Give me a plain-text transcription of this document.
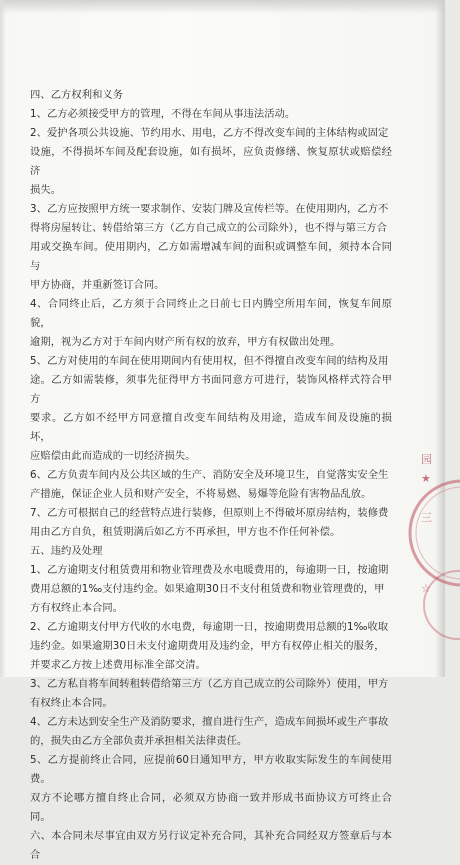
四、乙方权利和义务

1、乙方必须接受甲方的管理，不得在车间从事违法活动。

2、爱护各项公共设施、节约用水、用电，乙方不得改变车间的主体结构或固定

设施，不得损坏车间及配套设施，如有损坏，应负责修缮、恢复原状或赔偿经济

损失。

3、乙方应按照甲方统一要求制作、安装门牌及宣传栏等。在使用期内，乙方不

得将房屋转让、转借给第三方（乙方自己成立的公司除外），也不得与第三方合

用或交换车间。使用期内，乙方如需增减车间的面积或调整车间，须持本合同与

甲方协商，并重新签订合同。

4、合同终止后，乙方须于合同终止之日前七日内腾空所用车间，恢复车间原貌，

逾期，视为乙方对于车间内财产所有权的放弃，甲方有权做出处理。

5、乙方对使用的车间在使用期间内有使用权，但不得擅自改变车间的结构及用

途。乙方如需装修，须事先征得甲方书面同意方可进行，装饰风格样式符合甲方

要求。乙方如不经甲方同意擅自改变车间结构及用途，造成车间及设施的损坏，

应赔偿由此而造成的一切经济损失。

6、乙方负责车间内及公共区域的生产、消防安全及环境卫生，自觉落实安全生

产措施，保证企业人员和财产安全，不将易燃、易爆等危险有害物品乱放。

7、乙方可根据自己的经营特点进行装修，但原则上不得破坏原房结构，装修费

用由乙方自负，租赁期满后如乙方不再承担，甲方也不作任何补偿。

五、违约及处理

1、乙方逾期支付租赁费用和物业管理费及水电暖费用的，每逾期一日，按逾期

费用总额的1‰支付违约金。如果逾期30日不支付租赁费和物业管理费的，甲

方有权终止本合同。

2、乙方逾期支付甲方代收的水电费，每逾期一日，按逾期费用总额的1‰收取

违约金。如果逾期30日未支付逾期费用及违约金，甲方有权停止相关的服务，

并要求乙方按上述费用标准全部交清。

3、乙方私自将车间转租转借给第三方（乙方自己成立的公司除外）使用，甲方

有权终止本合同。

4、乙方未达到安全生产及消防要求，擅自进行生产，造成车间损坏或生产事故

的，损失由乙方全部负责并承担相关法律责任。

5、乙方提前终止合同，应提前60日通知甲方，甲方收取实际发生的车间使用费。

双方不论哪方擅自终止合同，必须双方协商一致并形成书面协议方可终止合同。

六、本合同未尽事宜由双方另行议定补充合同，其补充合同经双方签章后与本合

园
★
三
☆
